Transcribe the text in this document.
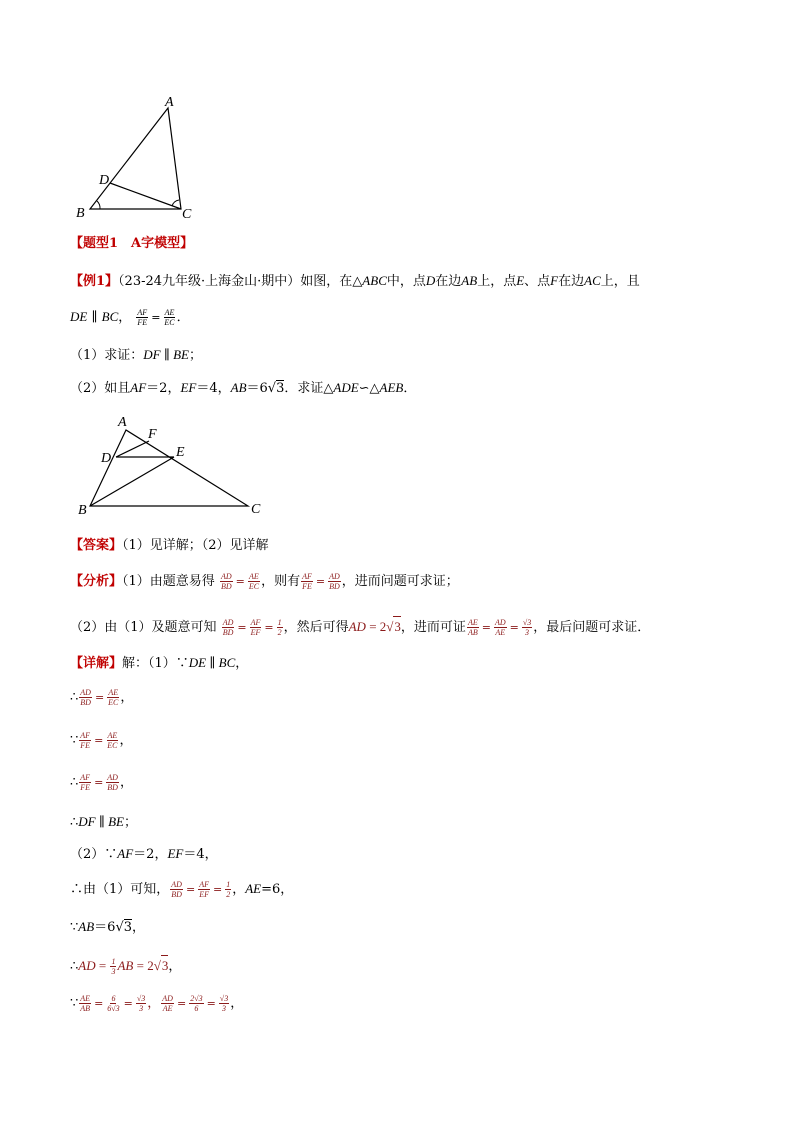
A
B	C
D
【题型1　A字模型】
【例1】（23-24九年级·上海金山·期中）如图，在△ABC中，点D在边AB上，点E、点F在边AC上，且
DE ∥ BC， $\frac{AF}{FE} = \frac{AE}{EC}$ ．
（1）求证：DF ∥ BE；
（2）如且AF＝2，EF＝4，AB＝6√3．求证△ADE∽△AEB．
A
F
E
D
B	C
【答案】（1）见详解；（2）见详解
【分析】（1）由题意易得 $\frac{AD}{BD} = \frac{AE}{EC}$ ，则有 $\frac{AF}{FE} = \frac{AD}{BD}$ ，进而问题可求证；
（2）由（1）及题意可知 $\frac{AD}{BD} = \frac{AF}{EF} = \frac{1}{2}$ ，然后可得AD = 2√3，进而可证 $\frac{AE}{AB} = \frac{AD}{AE} = \frac{√3}{3}$ ，最后问题可求证．
【详解】解：（1）∵DE ∥ BC，
∴ $\frac{AD}{BD} = \frac{AE}{EC}$ ，
∵ $\frac{AF}{FE} = \frac{AE}{EC}$ ，
∴ $\frac{AF}{FE} = \frac{AD}{BD}$ ，
∴DF ∥ BE；
（2）∵AF＝2，EF＝4，
∴由（1）可知， $\frac{AD}{BD} = \frac{AF}{EF} = \frac{1}{2}$ ，AE=6，
∵AB＝6√3，
∴AD = $\frac{1}{3}$ AB = 2√3，
∵ $\frac{AE}{AB} = \frac{6}{6√3} = \frac{√3}{3}$ ， $\frac{AD}{AE} = \frac{2√3}{6} = \frac{√3}{3}$ ，
